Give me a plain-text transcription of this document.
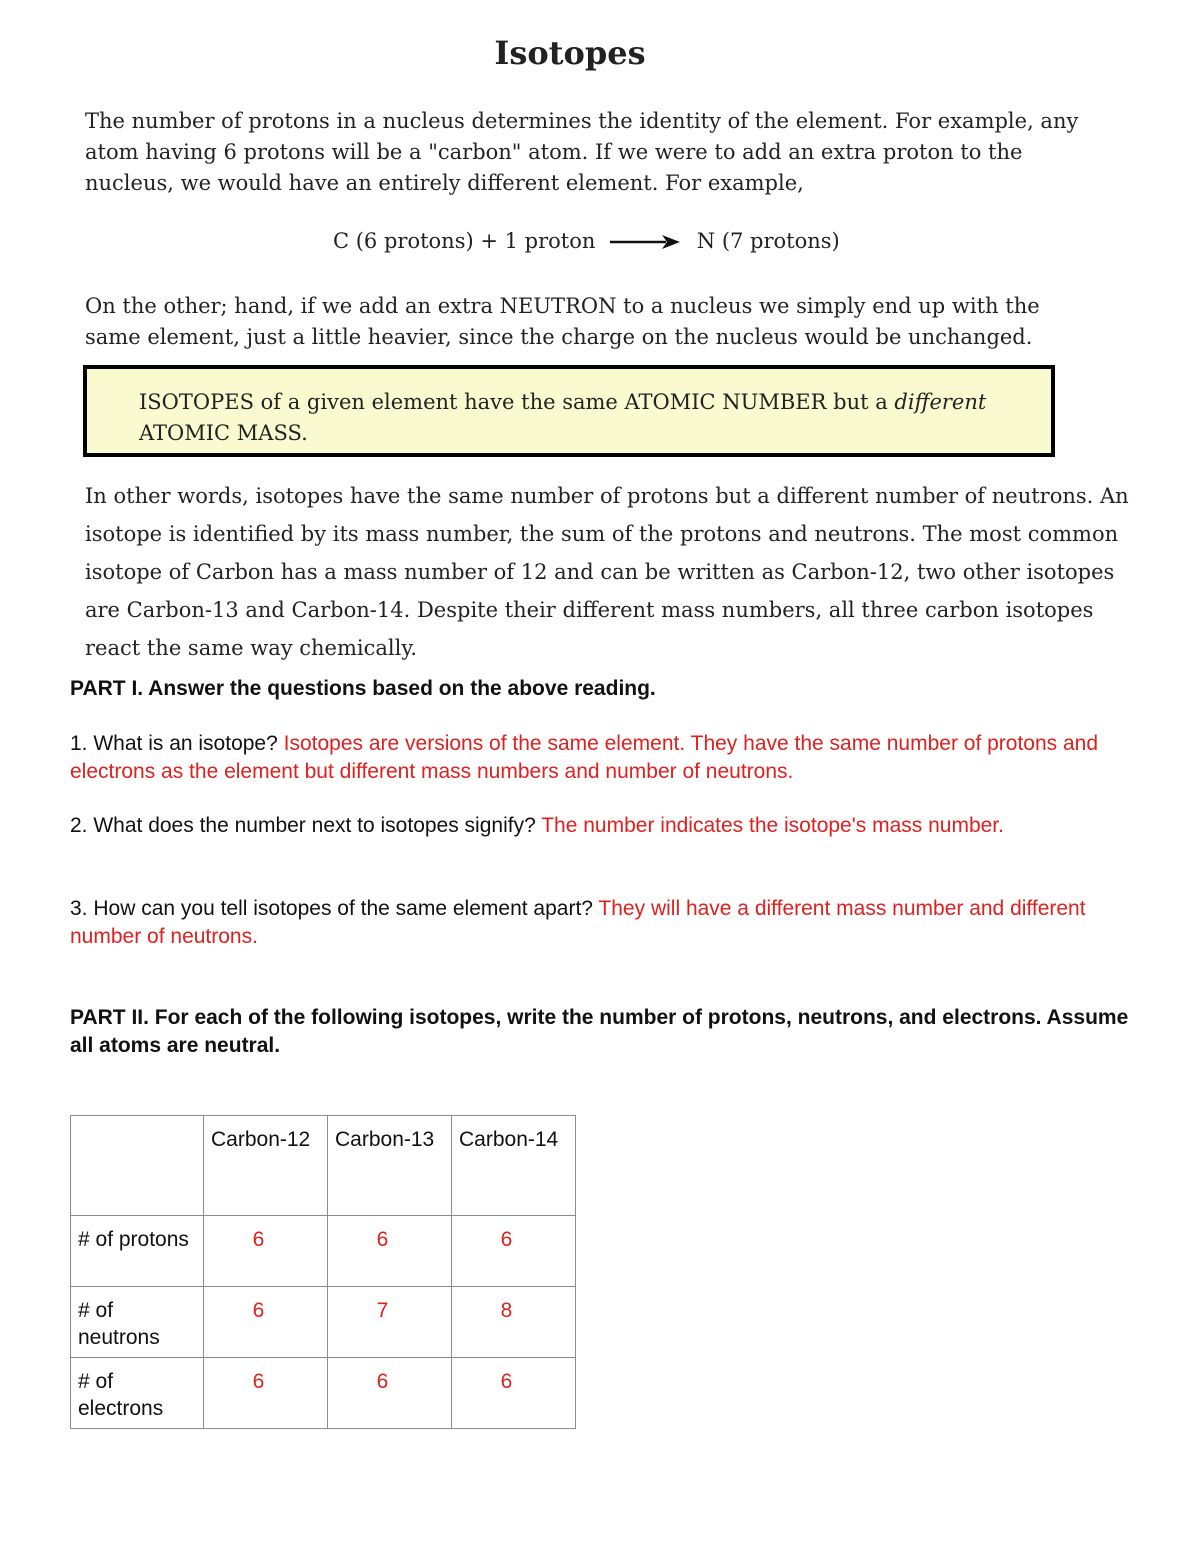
Isotopes
The number of protons in a nucleus determines the identity of the element. For example, any atom having 6 protons will be a "carbon" atom. If we were to add an extra proton to the nucleus, we would have an entirely different element. For example,
C (6 protons) + 1 proton	N (7 protons)
On the other; hand, if we add an extra NEUTRON to a nucleus we simply end up with the same element, just a little heavier, since the charge on the nucleus would be unchanged.
ISOTOPES of a given element have the same ATOMIC NUMBER but a different
ATOMIC MASS.
In other words, isotopes have the same number of protons but a different number of neutrons. An isotope is identified by its mass number, the sum of the protons and neutrons. The most common isotope of Carbon has a mass number of 12 and can be written as Carbon-12, two other isotopes are Carbon-13 and Carbon-14. Despite their different mass numbers, all three carbon isotopes react the same way chemically.
PART I. Answer the questions based on the above reading.
1. What is an isotope? Isotopes are versions of the same element. They have the same number of protons and electrons as the element but different mass numbers and number of neutrons.
2. What does the number next to isotopes signify? The number indicates the isotope's mass number.
3. How can you tell isotopes of the same element apart? They will have a different mass number and different number of neutrons.
PART II. For each of the following isotopes, write the number of protons, neutrons, and electrons. Assume all atoms are neutral.
	Carbon-12	Carbon-13	Carbon-14
# of protons	6	6	6
# of neutrons	6	7	8
# of electrons	6	6	6
